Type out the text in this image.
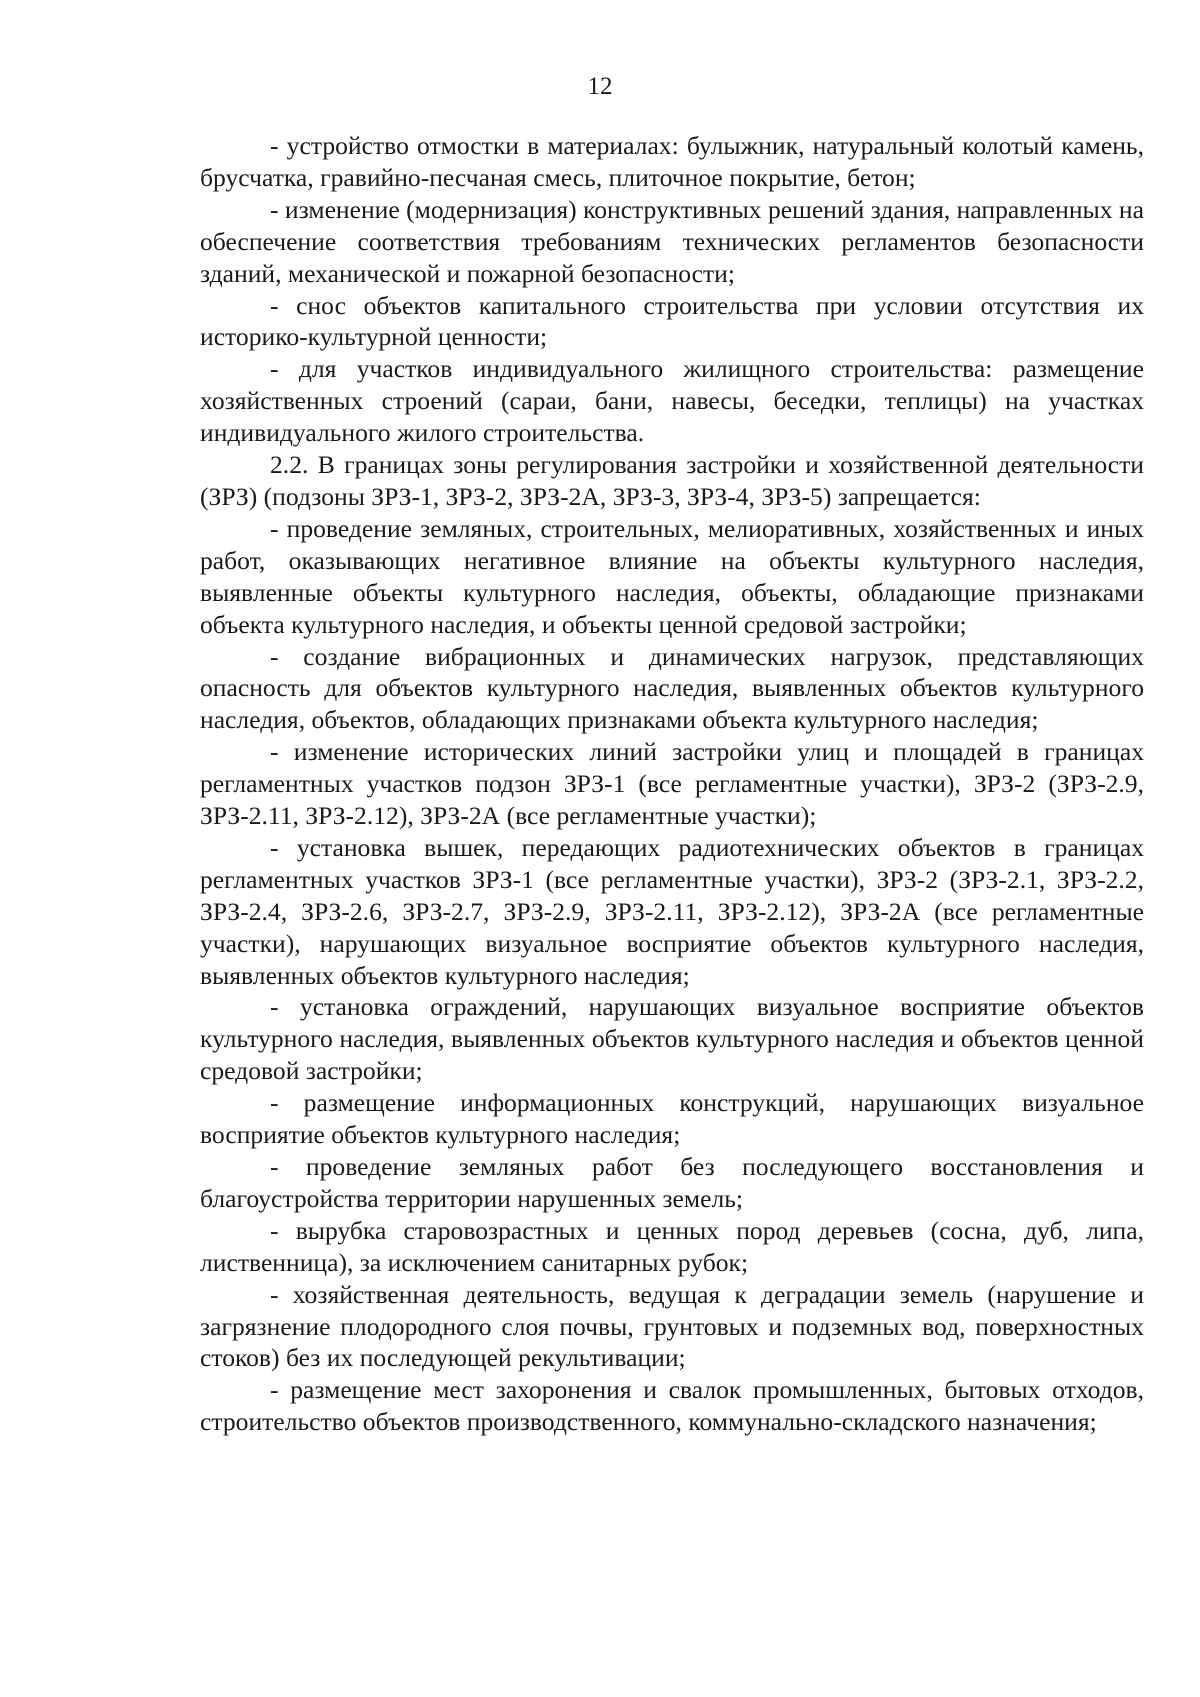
12

- устройство отмостки в материалах: булыжник, натуральный колотый камень, брусчатка, гравийно-песчаная смесь, плиточное покрытие, бетон;

- изменение (модернизация) конструктивных решений здания, направленных на обеспечение соответствия требованиям технических регламентов безопасности зданий, механической и пожарной безопасности;

- снос объектов капитального строительства при условии отсутствия их историко-культурной ценности;

- для участков индивидуального жилищного строительства: размещение хозяйственных строений (сараи, бани, навесы, беседки, теплицы) на участках индивидуального жилого строительства.

2.2. В границах зоны регулирования застройки и хозяйственной деятельности (ЗРЗ) (подзоны ЗРЗ-1, ЗРЗ-2, ЗРЗ-2А, ЗРЗ-3, ЗРЗ-4, ЗРЗ-5) запрещается:

- проведение земляных, строительных, мелиоративных, хозяйственных и иных работ, оказывающих негативное влияние на объекты культурного наследия, выявленные объекты культурного наследия, объекты, обладающие признаками объекта культурного наследия, и объекты ценной средовой застройки;

- создание вибрационных и динамических нагрузок, представляющих опасность для объектов культурного наследия, выявленных объектов культурного наследия, объектов, обладающих признаками объекта культурного наследия;

- изменение исторических линий застройки улиц и площадей в границах регламентных участков подзон ЗРЗ-1 (все регламентные участки), ЗРЗ-2 (ЗРЗ-2.9, ЗРЗ-2.11, ЗРЗ-2.12), ЗРЗ-2А (все регламентные участки);

- установка вышек, передающих радиотехнических объектов в границах регламентных участков ЗРЗ-1 (все регламентные участки), ЗРЗ-2 (ЗРЗ-2.1, ЗРЗ-2.2, ЗРЗ-2.4, ЗРЗ-2.6, ЗРЗ-2.7, ЗРЗ-2.9, ЗРЗ-2.11, ЗРЗ-2.12), ЗРЗ-2А (все регламентные участки), нарушающих визуальное восприятие объектов культурного наследия, выявленных объектов культурного наследия;

- установка ограждений, нарушающих визуальное восприятие объектов культурного наследия, выявленных объектов культурного наследия и объектов ценной средовой застройки;

- размещение информационных конструкций, нарушающих визуальное восприятие объектов культурного наследия;

- проведение земляных работ без последующего восстановления и благоустройства территории нарушенных земель;

- вырубка старовозрастных и ценных пород деревьев (сосна, дуб, липа, лиственница), за исключением санитарных рубок;

- хозяйственная деятельность, ведущая к деградации земель (нарушение и загрязнение плодородного слоя почвы, грунтовых и подземных вод, поверхностных стоков) без их последующей рекультивации;

- размещение мест захоронения и свалок промышленных, бытовых отходов, строительство объектов производственного, коммунально-складского назначения;
